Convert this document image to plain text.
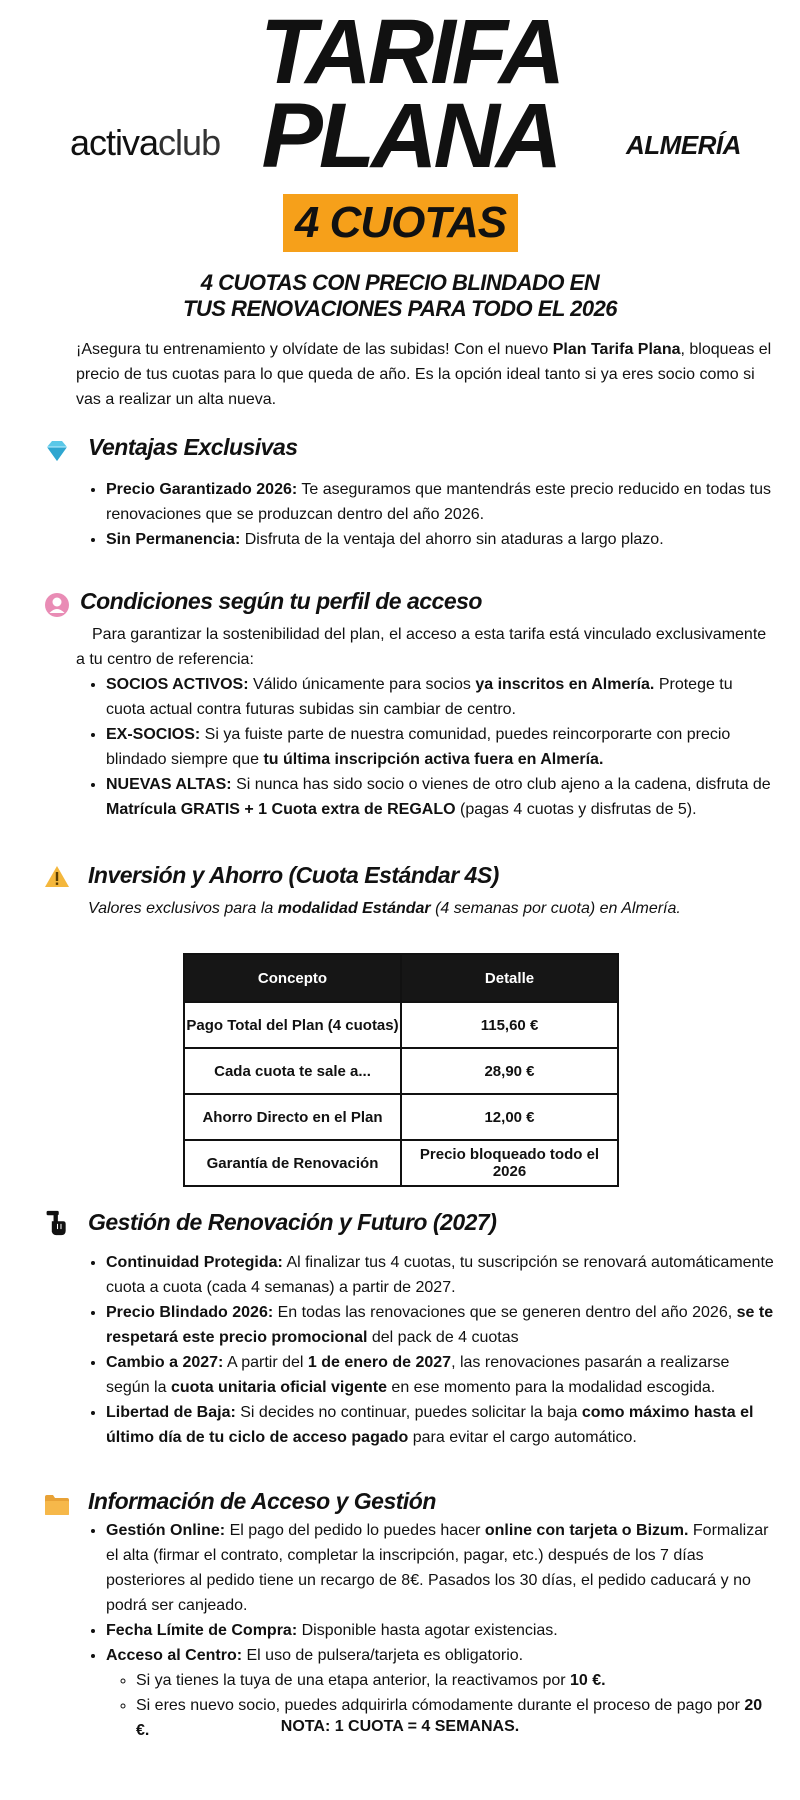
activaclub
TARIFA
PLANA
4 CUOTAS
ALMERÍA
4 CUOTAS CON PRECIO BLINDADO EN
TUS RENOVACIONES PARA TODO EL 2026
¡Asegura tu entrenamiento y olvídate de las subidas! Con el nuevo Plan Tarifa Plana, bloqueas el precio de tus cuotas para lo que queda de año. Es la opción ideal tanto si ya eres socio como si vas a realizar un alta nueva.
Ventajas Exclusivas
• Precio Garantizado 2026: Te aseguramos que mantendrás este precio reducido en todas tus renovaciones que se produzcan dentro del año 2026.
• Sin Permanencia: Disfruta de la ventaja del ahorro sin ataduras a largo plazo.
Condiciones según tu perfil de acceso
Para garantizar la sostenibilidad del plan, el acceso a esta tarifa está vinculado exclusivamente a tu centro de referencia:
• SOCIOS ACTIVOS: Válido únicamente para socios ya inscritos en Almería. Protege tu cuota actual contra futuras subidas sin cambiar de centro.
• EX-SOCIOS: Si ya fuiste parte de nuestra comunidad, puedes reincorporarte con precio blindado siempre que tu última inscripción activa fuera en Almería.
• NUEVAS ALTAS: Si nunca has sido socio o vienes de otro club ajeno a la cadena, disfruta de Matrícula GRATIS + 1 Cuota extra de REGALO (pagas 4 cuotas y disfrutas de 5).
Inversión y Ahorro (Cuota Estándar 4S)
Valores exclusivos para la modalidad Estándar (4 semanas por cuota) en Almería.
Concepto	Detalle
Pago Total del Plan (4 cuotas)	115,60 €
Cada cuota te sale a...	28,90 €
Ahorro Directo en el Plan	12,00 €
Garantía de Renovación	Precio bloqueado todo el 2026
Gestión de Renovación y Futuro (2027)
• Continuidad Protegida: Al finalizar tus 4 cuotas, tu suscripción se renovará automáticamente cuota a cuota (cada 4 semanas) a partir de 2027.
• Precio Blindado 2026: En todas las renovaciones que se generen dentro del año 2026, se te respetará este precio promocional del pack de 4 cuotas
• Cambio a 2027: A partir del 1 de enero de 2027, las renovaciones pasarán a realizarse según la cuota unitaria oficial vigente en ese momento para la modalidad escogida.
• Libertad de Baja: Si decides no continuar, puedes solicitar la baja como máximo hasta el último día de tu ciclo de acceso pagado para evitar el cargo automático.
Información de Acceso y Gestión
• Gestión Online: El pago del pedido lo puedes hacer online con tarjeta o Bizum. Formalizar el alta (firmar el contrato, completar la inscripción, pagar, etc.) después de los 7 días posteriores al pedido tiene un recargo de 8€. Pasados los 30 días, el pedido caducará y no podrá ser canjeado.
• Fecha Límite de Compra: Disponible hasta agotar existencias.
• Acceso al Centro: El uso de pulsera/tarjeta es obligatorio.
◦ Si ya tienes la tuya de una etapa anterior, la reactivamos por 10 €.
◦ Si eres nuevo socio, puedes adquirirla cómodamente durante el proceso de pago por 20 €.	NOTA: 1 CUOTA = 4 SEMANAS.
